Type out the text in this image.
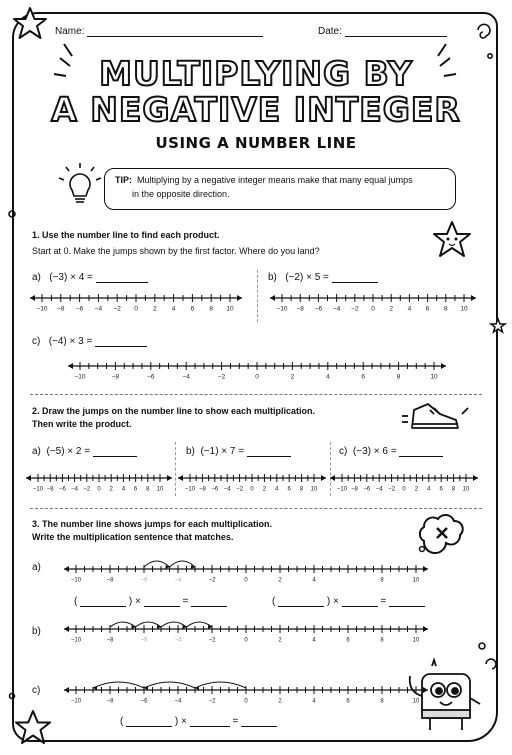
Name:	Date:
MULTIPLYING BY
A NEGATIVE INTEGER
USING A NUMBER LINE
TIP: Multiplying by a negative integer means make that many equal jumps
in the opposite direction.
1. Use the number line to find each product.
Start at 0. Make the jumps shown by the first factor. Where do you land?
a) (−3) × 4 =	b) (−2) × 5 =
c) (−4) × 3 =
2. Draw the jumps on the number line to show each multiplication.
Then write the product.
a) (−5) × 2 =	b) (−1) × 7 =	c) (−3) × 6 =
3. The number line shows jumps for each multiplication.
Write the multiplication sentence that matches.
a)
b)
c)
(	) ×	=	(	) ×	=
(	) ×	=
−10 −8 −6 −4 −2 0 2 4 6 8 10	−10 −8 −6 −4 −2 0 2 4 6 8 10
−10	−8	−6	−4	−2	0	2	4	6	8	10
−10 −8 −6 −4 −2 0 2 4 6 8 10	−10 −8 −6 −4 −2 0 2 4 6 8 10	−10 −8 −6 −4 −2 0 2 4 6 8 10
−10	−8	−6	−4	−2	0	2	4	8	10
−10	−8	−6	−4	−2	0	2	4	6	8	10
−10	−8	−6	−4	−2	0	2	4	6	8	10
